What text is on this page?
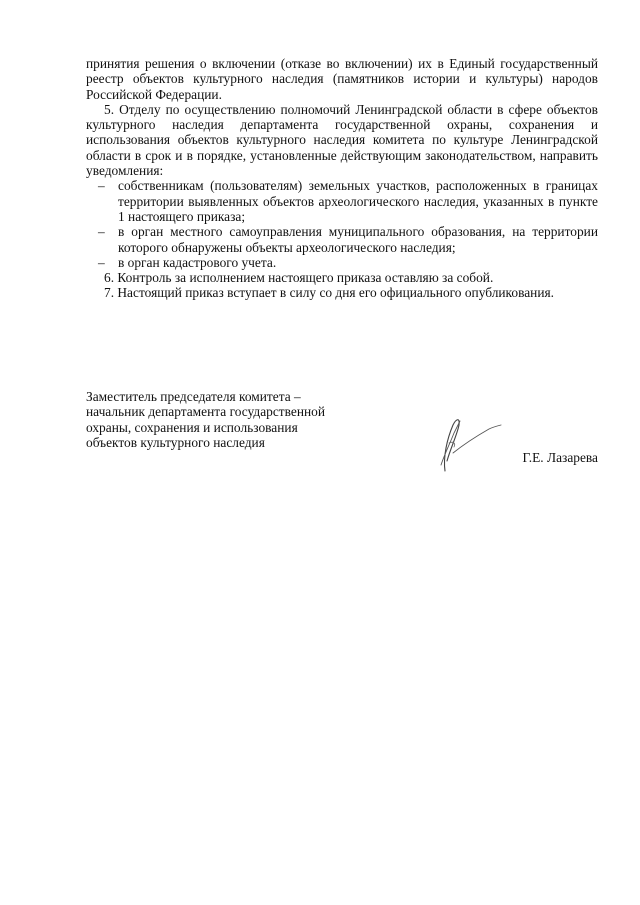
принятия решения о включении (отказе во включении) их в Единый государственный реестр объектов культурного наследия (памятников истории и культуры) народов Российской Федерации.

5. Отделу по осуществлению полномочий Ленинградской области в сфере объектов культурного наследия департамента государственной охраны, сохранения и использования объектов культурного наследия комитета по культуре Ленинградской области в срок и в порядке, установленные действующим законодательством, направить уведомления:

– собственникам (пользователям) земельных участков, расположенных в границах территории выявленных объектов археологического наследия, указанных в пункте 1 настоящего приказа;
– в орган местного самоуправления муниципального образования, на территории которого обнаружены объекты археологического наследия;
– в орган кадастрового учета.

6. Контроль за исполнением настоящего приказа оставляю за собой.

7. Настоящий приказ вступает в силу со дня его официального опубликования.

Заместитель председателя комитета –
начальник департамента государственной
охраны, сохранения и использования
объектов культурного наследия
Г.Е. Лазарева
